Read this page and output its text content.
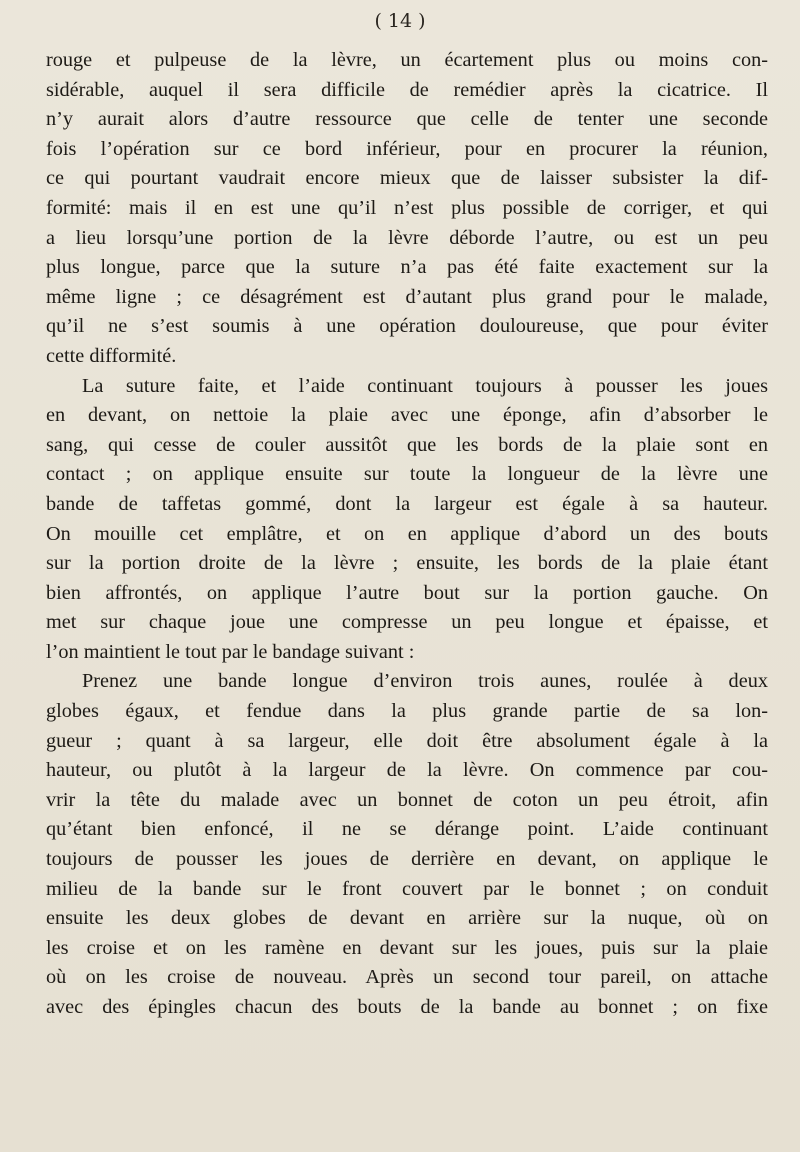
( 14 )
rouge et pulpeuse de la lèvre, un écartement plus ou moins con-
sidérable, auquel il sera difficile de remédier après la cicatrice. Il
n’y aurait alors d’autre ressource que celle de tenter une seconde
fois l’opération sur ce bord inférieur, pour en procurer la réunion,
ce qui pourtant vaudrait encore mieux que de laisser subsister la dif-
formité: mais il en est une qu’il n’est plus possible de corriger, et qui
a lieu lorsqu’une portion de la lèvre déborde l’autre, ou est un peu
plus longue, parce que la suture n’a pas été faite exactement sur la
même ligne ; ce désagrément est d’autant plus grand pour le malade,
qu’il ne s’est soumis à une opération douloureuse, que pour éviter
cette difformité.
La suture faite, et l’aide continuant toujours à pousser les joues
en devant, on nettoie la plaie avec une éponge, afin d’absorber le
sang, qui cesse de couler aussitôt que les bords de la plaie sont en
contact ; on applique ensuite sur toute la longueur de la lèvre une
bande de taffetas gommé, dont la largeur est égale à sa hauteur.
On mouille cet emplâtre, et on en applique d’abord un des bouts
sur la portion droite de la lèvre ; ensuite, les bords de la plaie étant
bien affrontés, on applique l’autre bout sur la portion gauche. On
met sur chaque joue une compresse un peu longue et épaisse, et
l’on maintient le tout par le bandage suivant :
Prenez une bande longue d’environ trois aunes, roulée à deux
globes égaux, et fendue dans la plus grande partie de sa lon-
gueur ; quant à sa largeur, elle doit être absolument égale à la
hauteur, ou plutôt à la largeur de la lèvre. On commence par cou-
vrir la tête du malade avec un bonnet de coton un peu étroit, afin
qu’étant bien enfoncé, il ne se dérange point. L’aide continuant
toujours de pousser les joues de derrière en devant, on applique le
milieu de la bande sur le front couvert par le bonnet ; on conduit
ensuite les deux globes de devant en arrière sur la nuque, où on
les croise et on les ramène en devant sur les joues, puis sur la plaie
où on les croise de nouveau. Après un second tour pareil, on attache
avec des épingles chacun des bouts de la bande au bonnet ; on fixe
